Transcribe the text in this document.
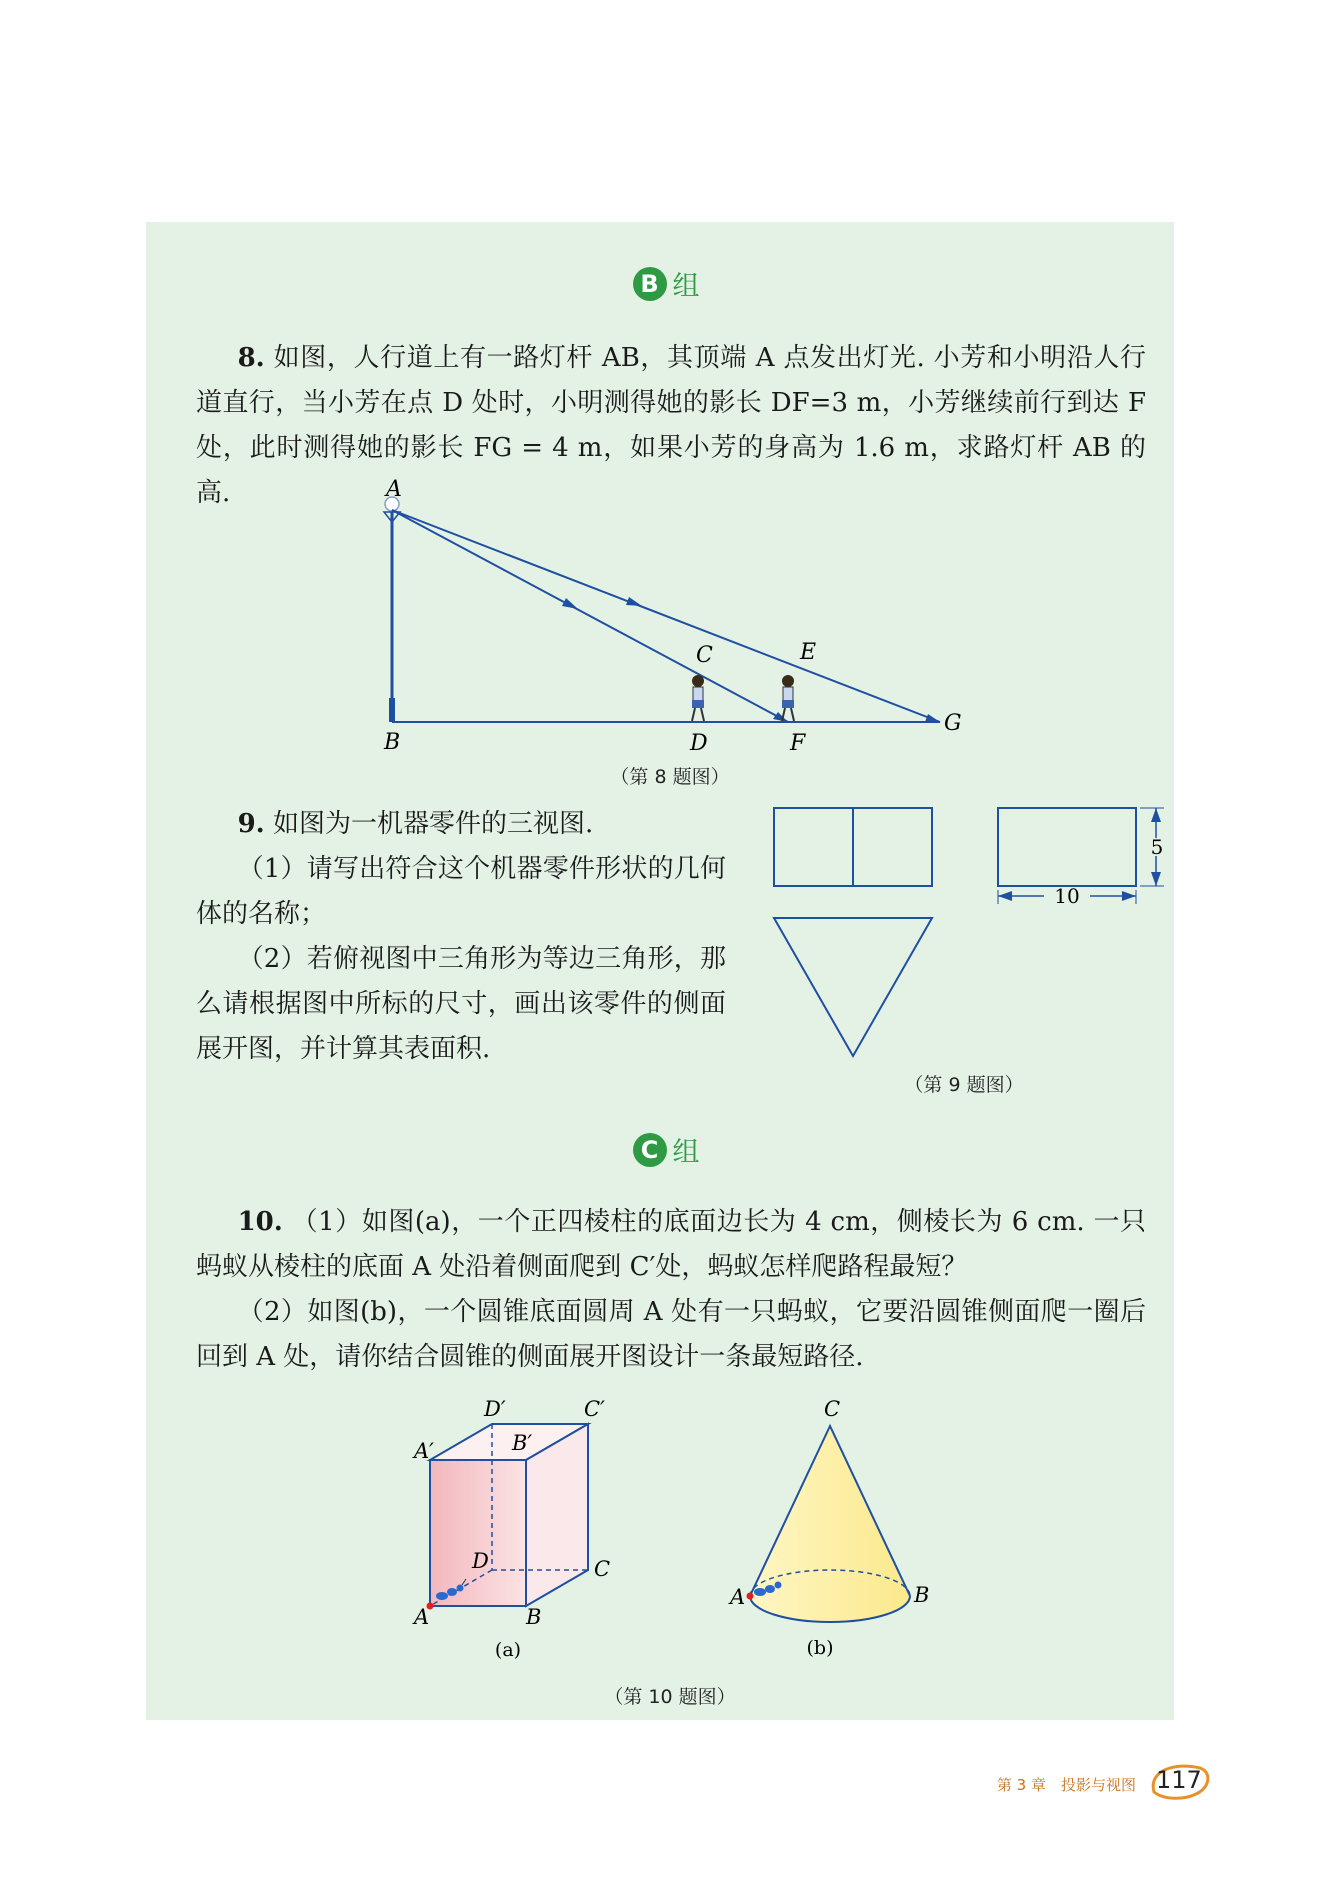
B 组
8. 如图，人行道上有一路灯杆 AB，其顶端 A 点发出灯光. 小芳和小明沿人行道直行，当小芳在点 D 处时，小明测得她的影长 DF=3 m，小芳继续前行到达 F 处，此时测得她的影长 FG = 4 m，如果小芳的身高为 1.6 m，求路灯杆 AB 的高.	A
B
C
D
E
F
G
（第 8 题图）
9. 如图为一机器零件的三视图.
（1）请写出符合这个机器零件形状的几何体的名称；
（2）若俯视图中三角形为等边三角形，那么请根据图中所标的尺寸，画出该零件的侧面展开图，并计算其表面积.
5
10
（第 9 题图）
C 组
10. （1）如图(a)，一个正四棱柱的底面边长为 4 cm，侧棱长为 6 cm. 一只蚂蚁从棱柱的底面 A 处沿着侧面爬到 C′处，蚂蚁怎样爬路程最短？
（2）如图(b)，一个圆锥底面圆周 A 处有一只蚂蚁，它要沿圆锥侧面爬一圈后回到 A 处，请你结合圆锥的侧面展开图设计一条最短路径.
A′	B′
C′
D′
D	C
A	B
(a)
C
A	B
(b)
（第 10 题图）
第 3 章　投影与视图 117
